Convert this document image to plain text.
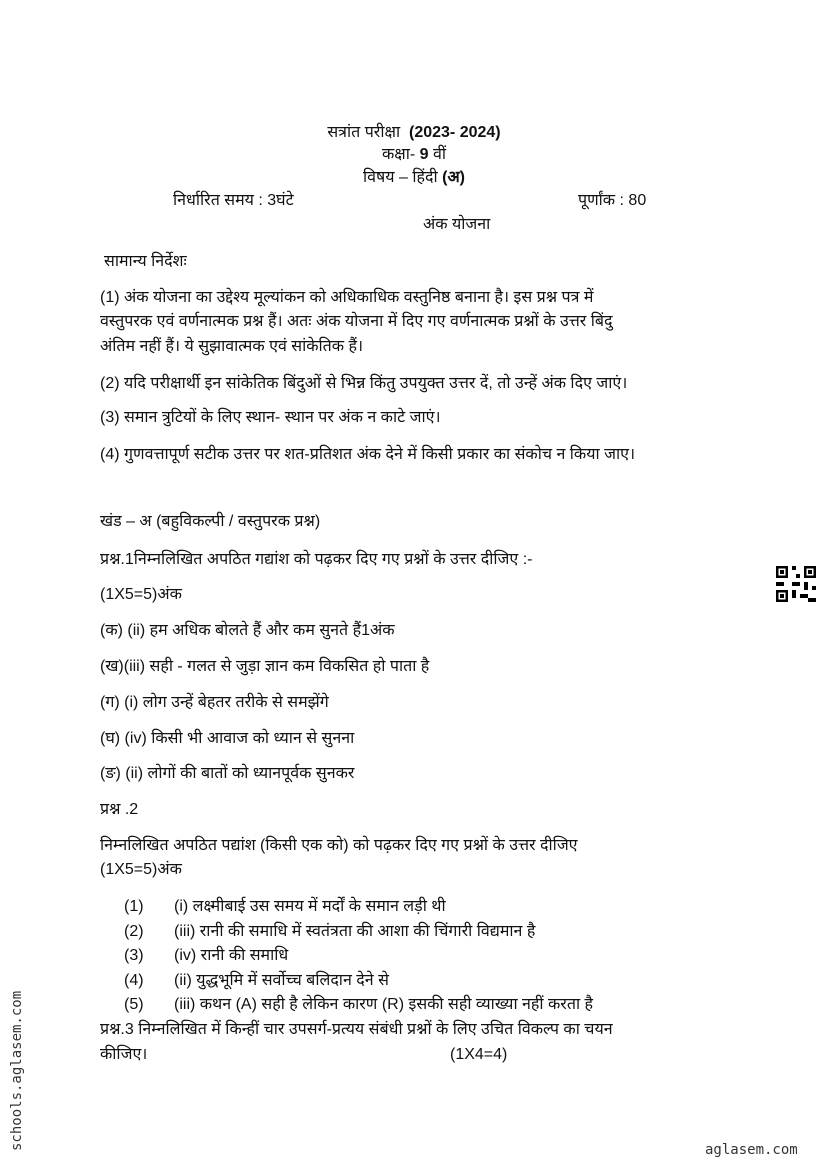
सत्रांत परीक्षा (2023- 2024)
कक्षा- 9 वीं
विषय – हिंदी (अ)
निर्धारित समय : 3घंटे	पूर्णांक : 80
अंक योजना
सामान्य निर्देशः
(1) अंक योजना का उद्देश्य मूल्यांकन को अधिकाधिक वस्तुनिष्ठ बनाना है। इस प्रश्न पत्र में
वस्तुपरक एवं वर्णनात्मक प्रश्न हैं। अतः अंक योजना में दिए गए वर्णनात्मक प्रश्नों के उत्तर बिंदु
अंतिम नहीं हैं। ये सुझावात्मक एवं सांकेतिक हैं।
(2) यदि परीक्षार्थी इन सांकेतिक बिंदुओं से भिन्न किंतु उपयुक्त उत्तर दें, तो उन्हें अंक दिए जाएं।
(3) समान त्रुटियों के लिए स्थान- स्थान पर अंक न काटे जाएं।
(4) गुणवत्तापूर्ण सटीक उत्तर पर शत-प्रतिशत अंक देने में किसी प्रकार का संकोच न किया जाए।
खंड – अ (बहुविकल्पी / वस्तुपरक प्रश्न)
प्रश्न.1निम्नलिखित अपठित गद्यांश को पढ़कर दिए गए प्रश्नों के उत्तर दीजिए :-
(1X5=5)अंक
(क) (ii) हम अधिक बोलते हैं और कम सुनते हैं1अंक
(ख)(iii) सही - गलत से जुड़ा ज्ञान कम विकसित हो पाता है
(ग) (i) लोग उन्हें बेहतर तरीके से समझेंगे
(घ) (iv) किसी भी आवाज को ध्यान से सुनना
(ङ) (ii) लोगों की बातों को ध्यानपूर्वक सुनकर
प्रश्न .2
निम्नलिखित अपठित पद्यांश (किसी एक को) को पढ़कर दिए गए प्रश्नों के उत्तर दीजिए
(1X5=5)अंक
(1) (i) लक्ष्मीबाई उस समय में मर्दों के समान लड़ी थी
(2) (iii) रानी की समाधि में स्वतंत्रता की आशा की चिंगारी विद्यमान है
(3) (iv) रानी की समाधि
(4) (ii) युद्धभूमि में सर्वोच्च बलिदान देने से
(5) (iii) कथन (A) सही है लेकिन कारण (R) इसकी सही व्याख्या नहीं करता है
प्रश्न.3 निम्नलिखित में किन्हीं चार उपसर्ग-प्रत्यय संबंधी प्रश्नों के लिए उचित विकल्प का चयन
कीजिए।	(1X4=4)
schools.aglasem.com	aglasem.com
